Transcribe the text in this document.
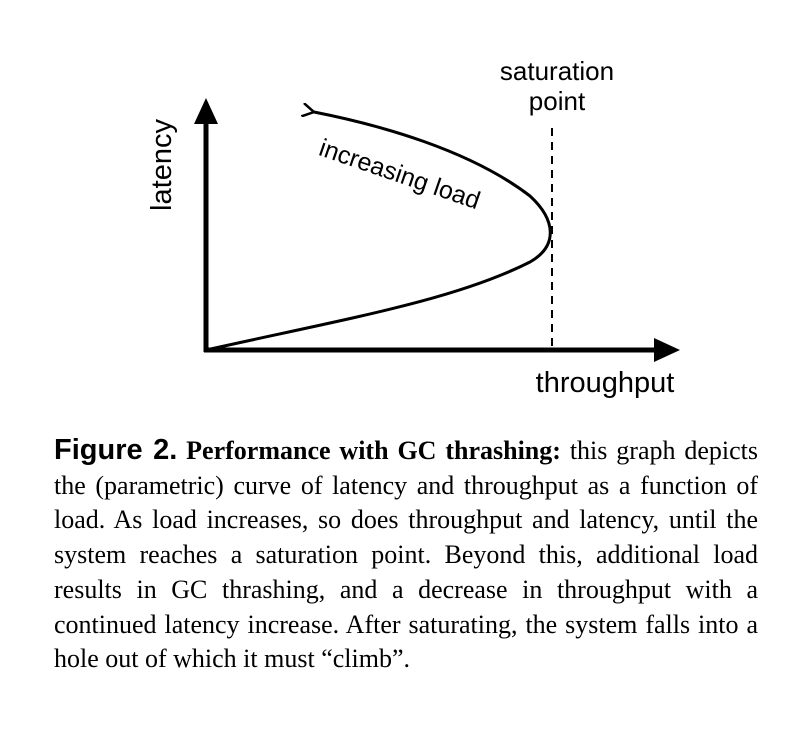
latency
throughput
saturation
point
increasing load

Figure 2. Performance with GC thrashing: this graph depicts the (parametric) curve of latency and throughput as a function of load. As load increases, so does throughput and latency, until the system reaches a saturation point. Beyond this, additional load results in GC thrashing, and a decrease in throughput with a continued latency increase. After saturating, the system falls into a hole out of which it must “climb”.
